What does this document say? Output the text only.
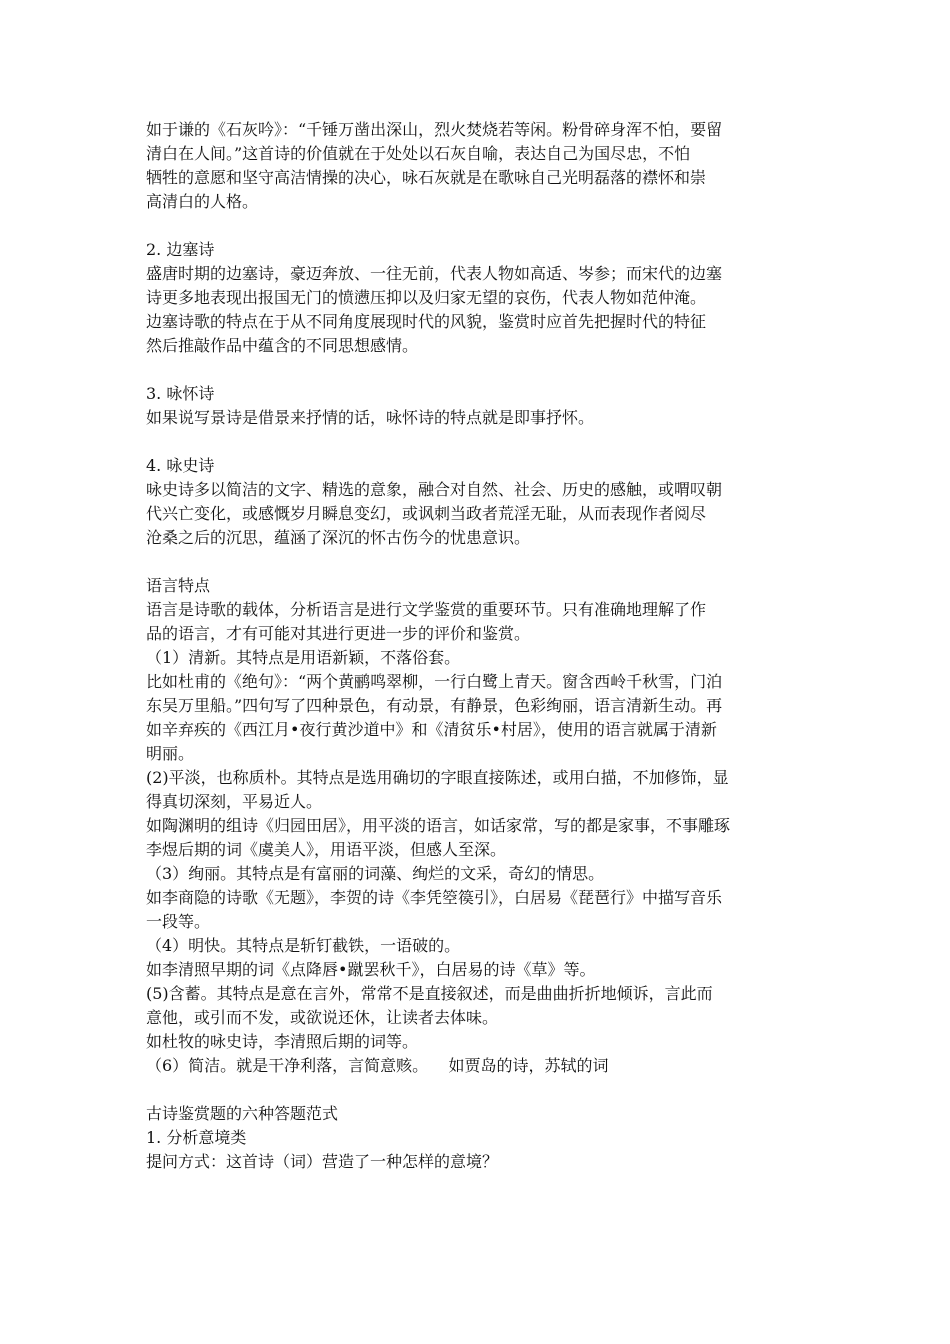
如于谦的《石灰吟》：“千锤万凿出深山，烈火焚烧若等闲。粉骨碎身浑不怕，要留
清白在人间。”这首诗的价值就在于处处以石灰自喻，表达自己为国尽忠，不怕
牺牲的意愿和坚守高洁情操的决心，咏石灰就是在歌咏自己光明磊落的襟怀和崇
高清白的人格。
2. 边塞诗
盛唐时期的边塞诗，豪迈奔放、一往无前，代表人物如高适、岑参；而宋代的边塞
诗更多地表现出报国无门的愤懑压抑以及归家无望的哀伤，代表人物如范仲淹。
边塞诗歌的特点在于从不同角度展现时代的风貌，鉴赏时应首先把握时代的特征
然后推敲作品中蕴含的不同思想感情。
3. 咏怀诗
如果说写景诗是借景来抒情的话，咏怀诗的特点就是即事抒怀。
4. 咏史诗
咏史诗多以简洁的文字、精选的意象，融合对自然、社会、历史的感触，或喟叹朝
代兴亡变化，或感慨岁月瞬息变幻，或讽刺当政者荒淫无耻，从而表现作者阅尽
沧桑之后的沉思，蕴涵了深沉的怀古伤今的忧患意识。
语言特点
语言是诗歌的载体，分析语言是进行文学鉴赏的重要环节。只有准确地理解了作
品的语言，才有可能对其进行更进一步的评价和鉴赏。
（1）清新。其特点是用语新颖，不落俗套。
比如杜甫的《绝句》：“两个黄鹂鸣翠柳，一行白鹭上青天。窗含西岭千秋雪，门泊
东吴万里船。”四句写了四种景色，有动景，有静景，色彩绚丽，语言清新生动。再
如辛弃疾的《西江月•夜行黄沙道中》和《清贫乐•村居》，使用的语言就属于清新
明丽。
(2)平淡，也称质朴。其特点是选用确切的字眼直接陈述，或用白描，不加修饰，显
得真切深刻，平易近人。
如陶渊明的组诗《归园田居》，用平淡的语言，如话家常，写的都是家事，不事雕琢
李煜后期的词《虞美人》，用语平淡，但感人至深。
（3）绚丽。其特点是有富丽的词藻、绚烂的文采，奇幻的情思。
如李商隐的诗歌《无题》，李贺的诗《李凭箜篌引》，白居易《琵琶行》中描写音乐
一段等。
（4）明快。其特点是斩钉截铁，一语破的。
如李清照早期的词《点降唇•蹴罢秋千》，白居易的诗《草》等。
(5)含蓄。其特点是意在言外，常常不是直接叙述，而是曲曲折折地倾诉，言此而
意他，或引而不发，或欲说还休，让读者去体味。
如杜牧的咏史诗，李清照后期的词等。
（6）简洁。就是干净利落，言简意赅。    如贾岛的诗，苏轼的词
古诗鉴赏题的六种答题范式
1. 分析意境类
提问方式：这首诗（词）营造了一种怎样的意境？
